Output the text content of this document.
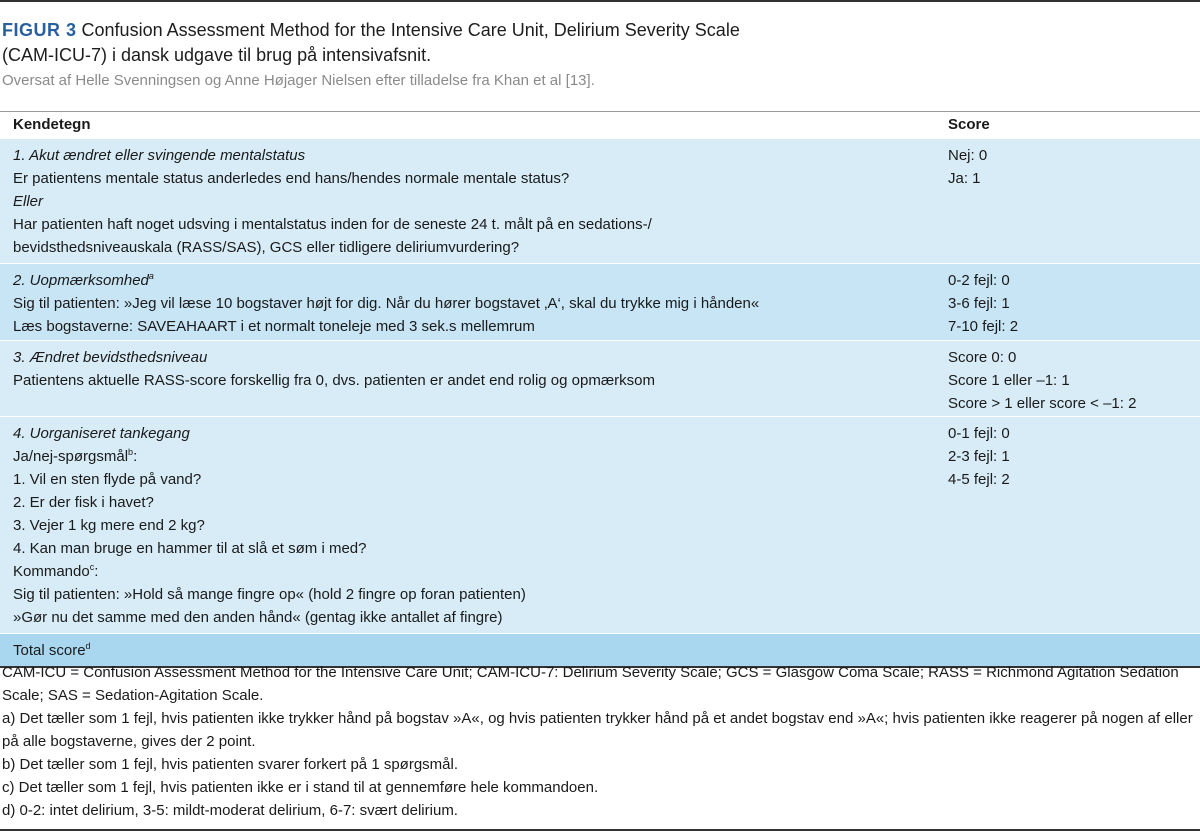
FIGUR 3 Confusion Assessment Method for the Intensive Care Unit, Delirium Severity Scale
(CAM-ICU-7) i dansk udgave til brug på intensivafsnit.
Oversat af Helle Svenningsen og Anne Højager Nielsen efter tilladelse fra Khan et al [13].
Kendetegn	Score
1. Akut ændret eller svingende mentalstatus
Er patientens mentale status anderledes end hans/hendes normale mentale status?
Eller
Har patienten haft noget udsving i mentalstatus inden for de seneste 24 t. målt på en sedations-/
bevidsthedsniveauskala (RASS/SAS), GCS eller tidligere deliriumvurdering?
Nej: 0
Ja: 1
2. Uopmærksomhed$^a$
Sig til patienten: »Jeg vil læse 10 bogstaver højt for dig. Når du hører bogstavet ‚A‘, skal du trykke mig i hånden«
Læs bogstaverne: SAVEAHAART i et normalt toneleje med 3 sek.s mellemrum
0-2 fejl: 0
3-6 fejl: 1
7-10 fejl: 2
3. Ændret bevidsthedsniveau
Patientens aktuelle RASS-score forskellig fra 0, dvs. patienten er andet end rolig og opmærksom
Score 0: 0
Score 1 eller –1: 1
Score > 1 eller score < –1: 2
4. Uorganiseret tankegang
Ja/nej-spørgsmål$^b$:
1. Vil en sten flyde på vand?
2. Er der fisk i havet?
3. Vejer 1 kg mere end 2 kg?
4. Kan man bruge en hammer til at slå et søm i med?
Kommando$^c$:
Sig til patienten: »Hold så mange fingre op« (hold 2 fingre op foran patienten)
»Gør nu det samme med den anden hånd« (gentag ikke antallet af fingre)
0-1 fejl: 0
2-3 fejl: 1
4-5 fejl: 2
Total score$^d$
CAM-ICU = Confusion Assessment Method for the Intensive Care Unit; CAM-ICU-7: Delirium Severity Scale; GCS = Glasgow Coma Scale; RASS = Richmond Agitation Sedation Scale; SAS = Sedation-Agitation Scale.
a) Det tæller som 1 fejl, hvis patienten ikke trykker hånd på bogstav »A«, og hvis patienten trykker hånd på et andet bogstav end »A«; hvis patienten ikke reagerer på nogen af eller på alle bogstaverne, gives der 2 point.
b) Det tæller som 1 fejl, hvis patienten svarer forkert på 1 spørgsmål.
c) Det tæller som 1 fejl, hvis patienten ikke er i stand til at gennemføre hele kommandoen.
d) 0-2: intet delirium, 3-5: mildt-moderat delirium, 6-7: svært delirium.
